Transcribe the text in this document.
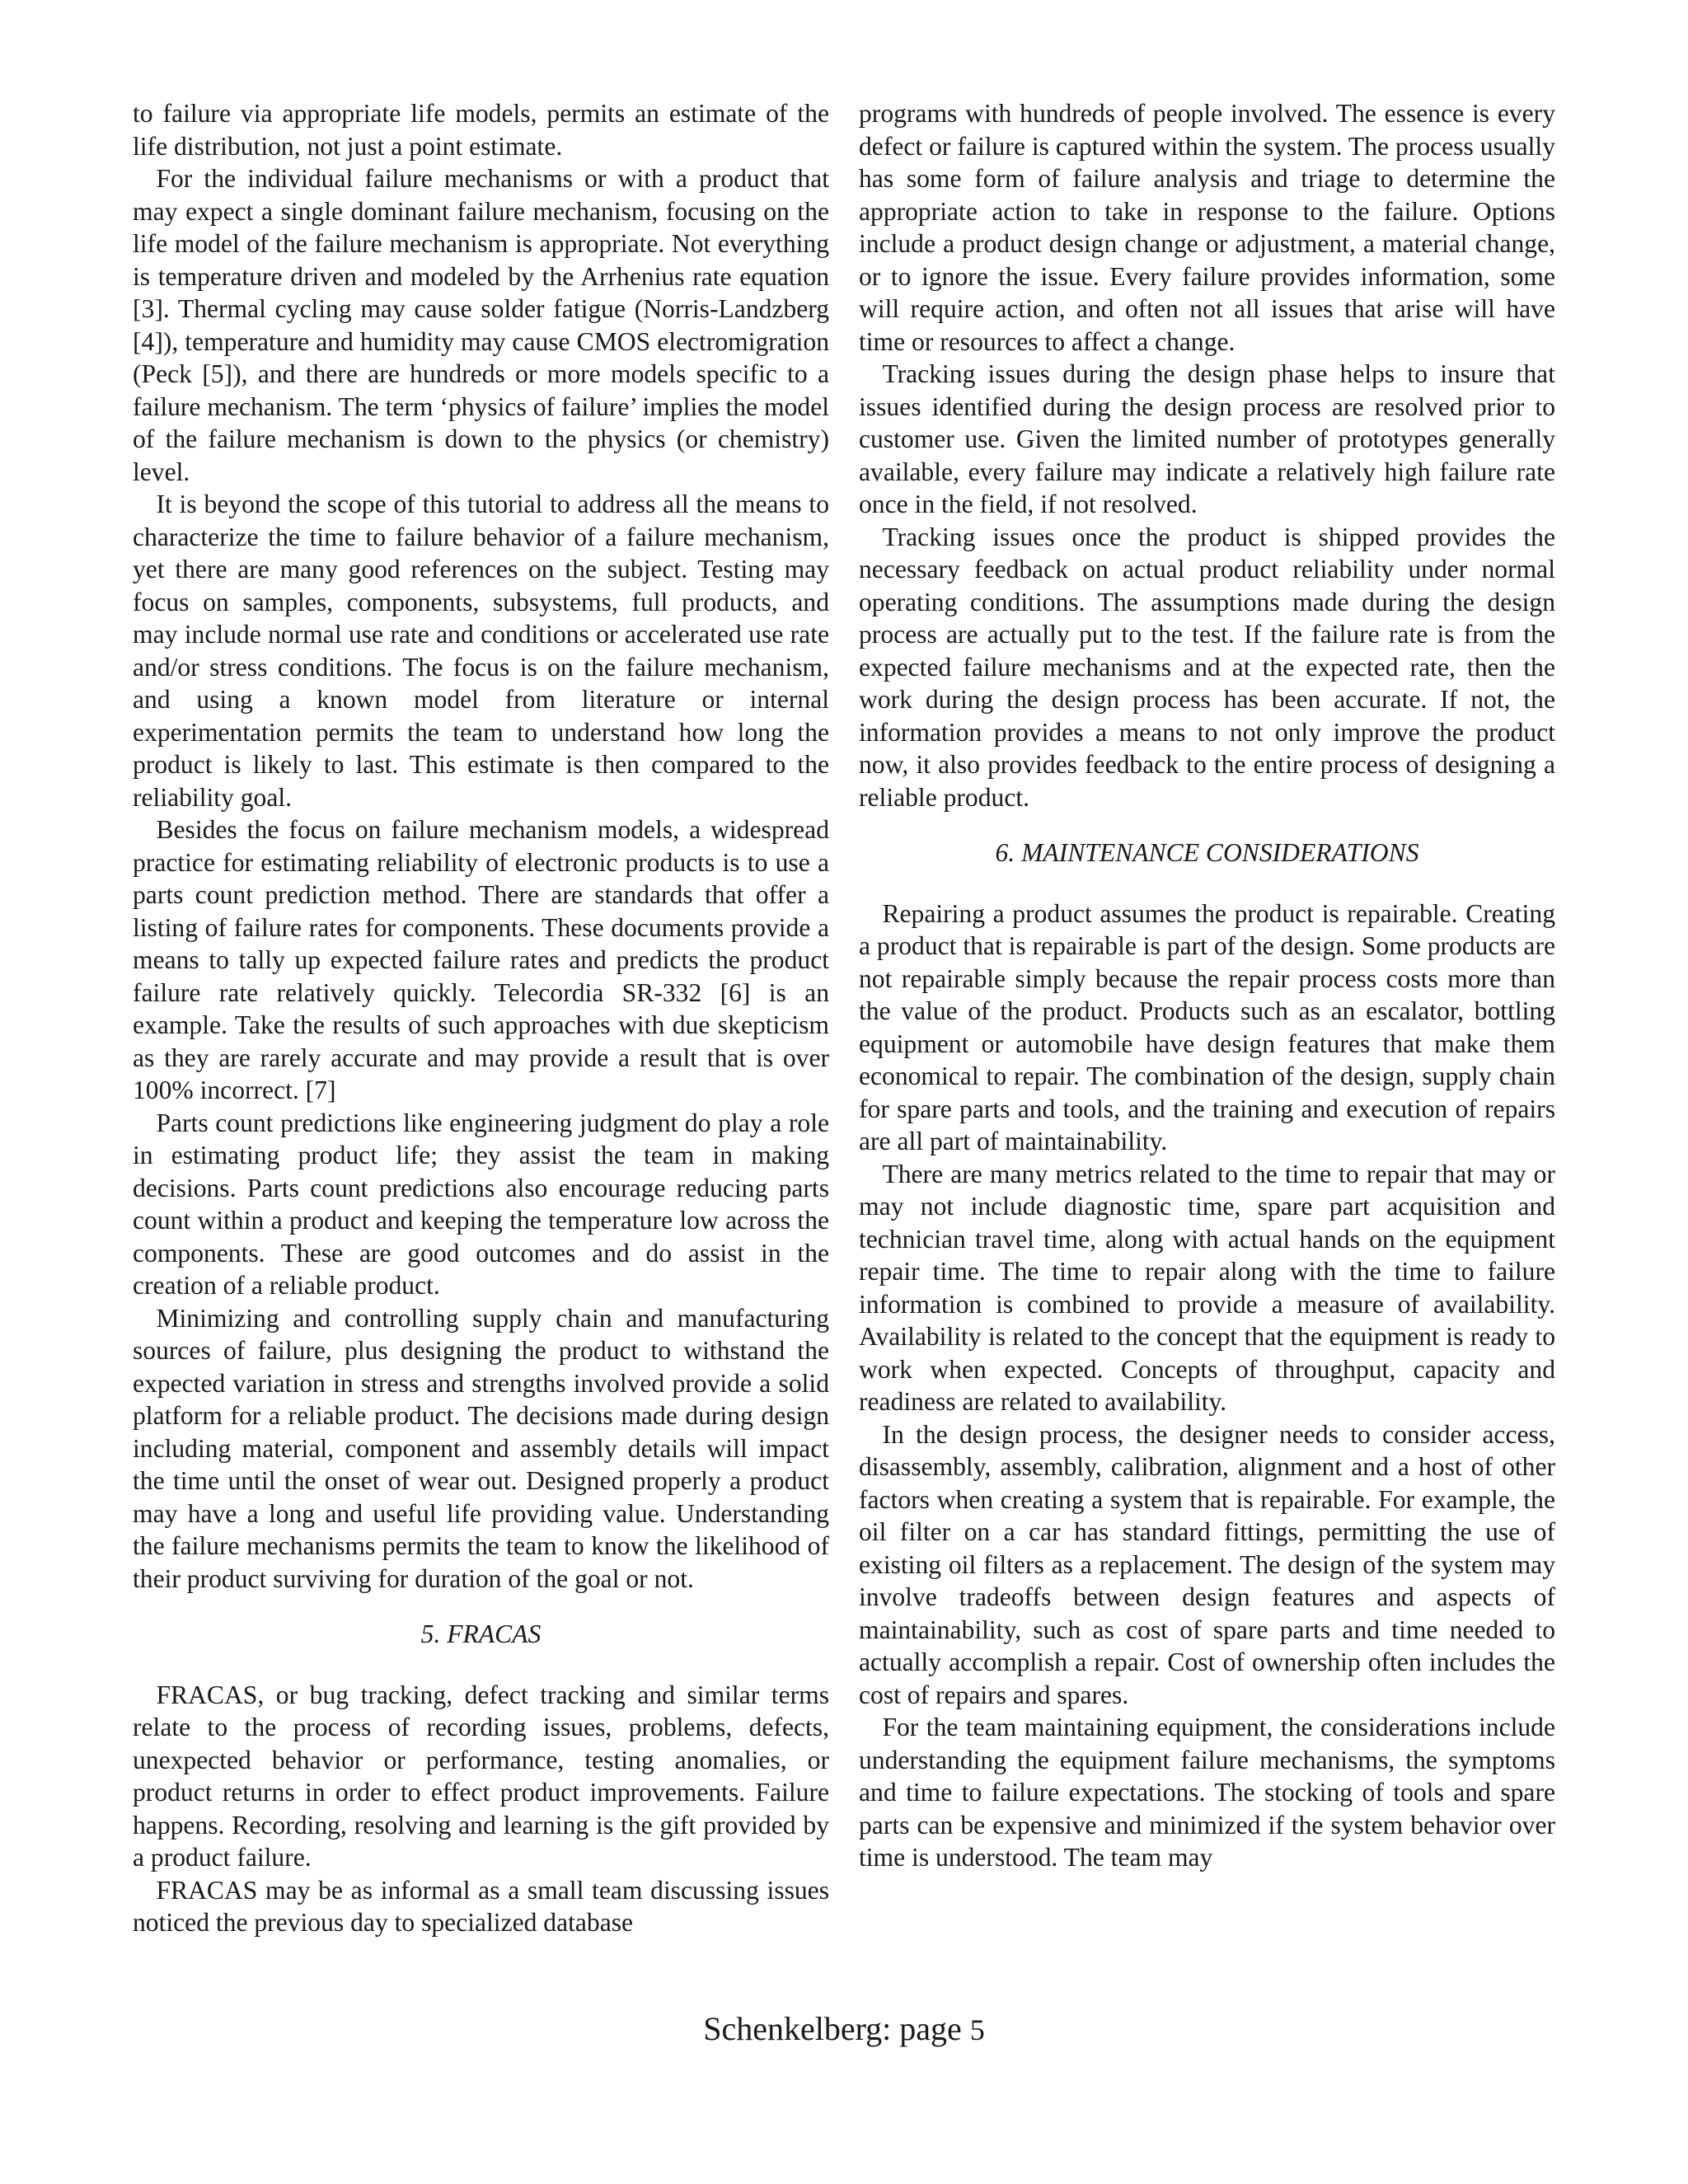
to failure via appropriate life models, permits an estimate of the life distribution, not just a point estimate.

For the individual failure mechanisms or with a product that may expect a single dominant failure mechanism, focusing on the life model of the failure mechanism is appropriate. Not everything is temperature driven and modeled by the Arrhenius rate equation [3]. Thermal cycling may cause solder fatigue (Norris-Landzberg [4]), temperature and humidity may cause CMOS electromigration (Peck [5]), and there are hundreds or more models specific to a failure mechanism. The term ‘physics of failure’ implies the model of the failure mechanism is down to the physics (or chemistry) level.

It is beyond the scope of this tutorial to address all the means to characterize the time to failure behavior of a failure mechanism, yet there are many good references on the subject. Testing may focus on samples, components, subsystems, full products, and may include normal use rate and conditions or accelerated use rate and/or stress conditions. The focus is on the failure mechanism, and using a known model from literature or internal experimentation permits the team to understand how long the product is likely to last. This estimate is then compared to the reliability goal.

Besides the focus on failure mechanism models, a widespread practice for estimating reliability of electronic products is to use a parts count prediction method. There are standards that offer a listing of failure rates for components. These documents provide a means to tally up expected failure rates and predicts the product failure rate relatively quickly. Telecordia SR-332 [6] is an example. Take the results of such approaches with due skepticism as they are rarely accurate and may provide a result that is over 100% incorrect. [7]

Parts count predictions like engineering judgment do play a role in estimating product life; they assist the team in making decisions. Parts count predictions also encourage reducing parts count within a product and keeping the temperature low across the components. These are good outcomes and do assist in the creation of a reliable product.

Minimizing and controlling supply chain and manufacturing sources of failure, plus designing the product to withstand the expected variation in stress and strengths involved provide a solid platform for a reliable product. The decisions made during design including material, component and assembly details will impact the time until the onset of wear out. Designed properly a product may have a long and useful life providing value. Understanding the failure mechanisms permits the team to know the likelihood of their product surviving for duration of the goal or not.

5. FRACAS

FRACAS, or bug tracking, defect tracking and similar terms relate to the process of recording issues, problems, defects, unexpected behavior or performance, testing anomalies, or product returns in order to effect product improvements. Failure happens. Recording, resolving and learning is the gift provided by a product failure.

FRACAS may be as informal as a small team discussing issues noticed the previous day to specialized database

programs with hundreds of people involved. The essence is every defect or failure is captured within the system. The process usually has some form of failure analysis and triage to determine the appropriate action to take in response to the failure. Options include a product design change or adjustment, a material change, or to ignore the issue. Every failure provides information, some will require action, and often not all issues that arise will have time or resources to affect a change.

Tracking issues during the design phase helps to insure that issues identified during the design process are resolved prior to customer use. Given the limited number of prototypes generally available, every failure may indicate a relatively high failure rate once in the field, if not resolved.

Tracking issues once the product is shipped provides the necessary feedback on actual product reliability under normal operating conditions. The assumptions made during the design process are actually put to the test. If the failure rate is from the expected failure mechanisms and at the expected rate, then the work during the design process has been accurate. If not, the information provides a means to not only improve the product now, it also provides feedback to the entire process of designing a reliable product.

6. MAINTENANCE CONSIDERATIONS

Repairing a product assumes the product is repairable. Creating a product that is repairable is part of the design. Some products are not repairable simply because the repair process costs more than the value of the product. Products such as an escalator, bottling equipment or automobile have design features that make them economical to repair. The combination of the design, supply chain for spare parts and tools, and the training and execution of repairs are all part of maintainability.

There are many metrics related to the time to repair that may or may not include diagnostic time, spare part acquisition and technician travel time, along with actual hands on the equipment repair time. The time to repair along with the time to failure information is combined to provide a measure of availability. Availability is related to the concept that the equipment is ready to work when expected. Concepts of throughput, capacity and readiness are related to availability.

In the design process, the designer needs to consider access, disassembly, assembly, calibration, alignment and a host of other factors when creating a system that is repairable. For example, the oil filter on a car has standard fittings, permitting the use of existing oil filters as a replacement. The design of the system may involve tradeoffs between design features and aspects of maintainability, such as cost of spare parts and time needed to actually accomplish a repair. Cost of ownership often includes the cost of repairs and spares.

For the team maintaining equipment, the considerations include understanding the equipment failure mechanisms, the symptoms and time to failure expectations. The stocking of tools and spare parts can be expensive and minimized if the system behavior over time is understood. The team may

Schenkelberg: page 5
